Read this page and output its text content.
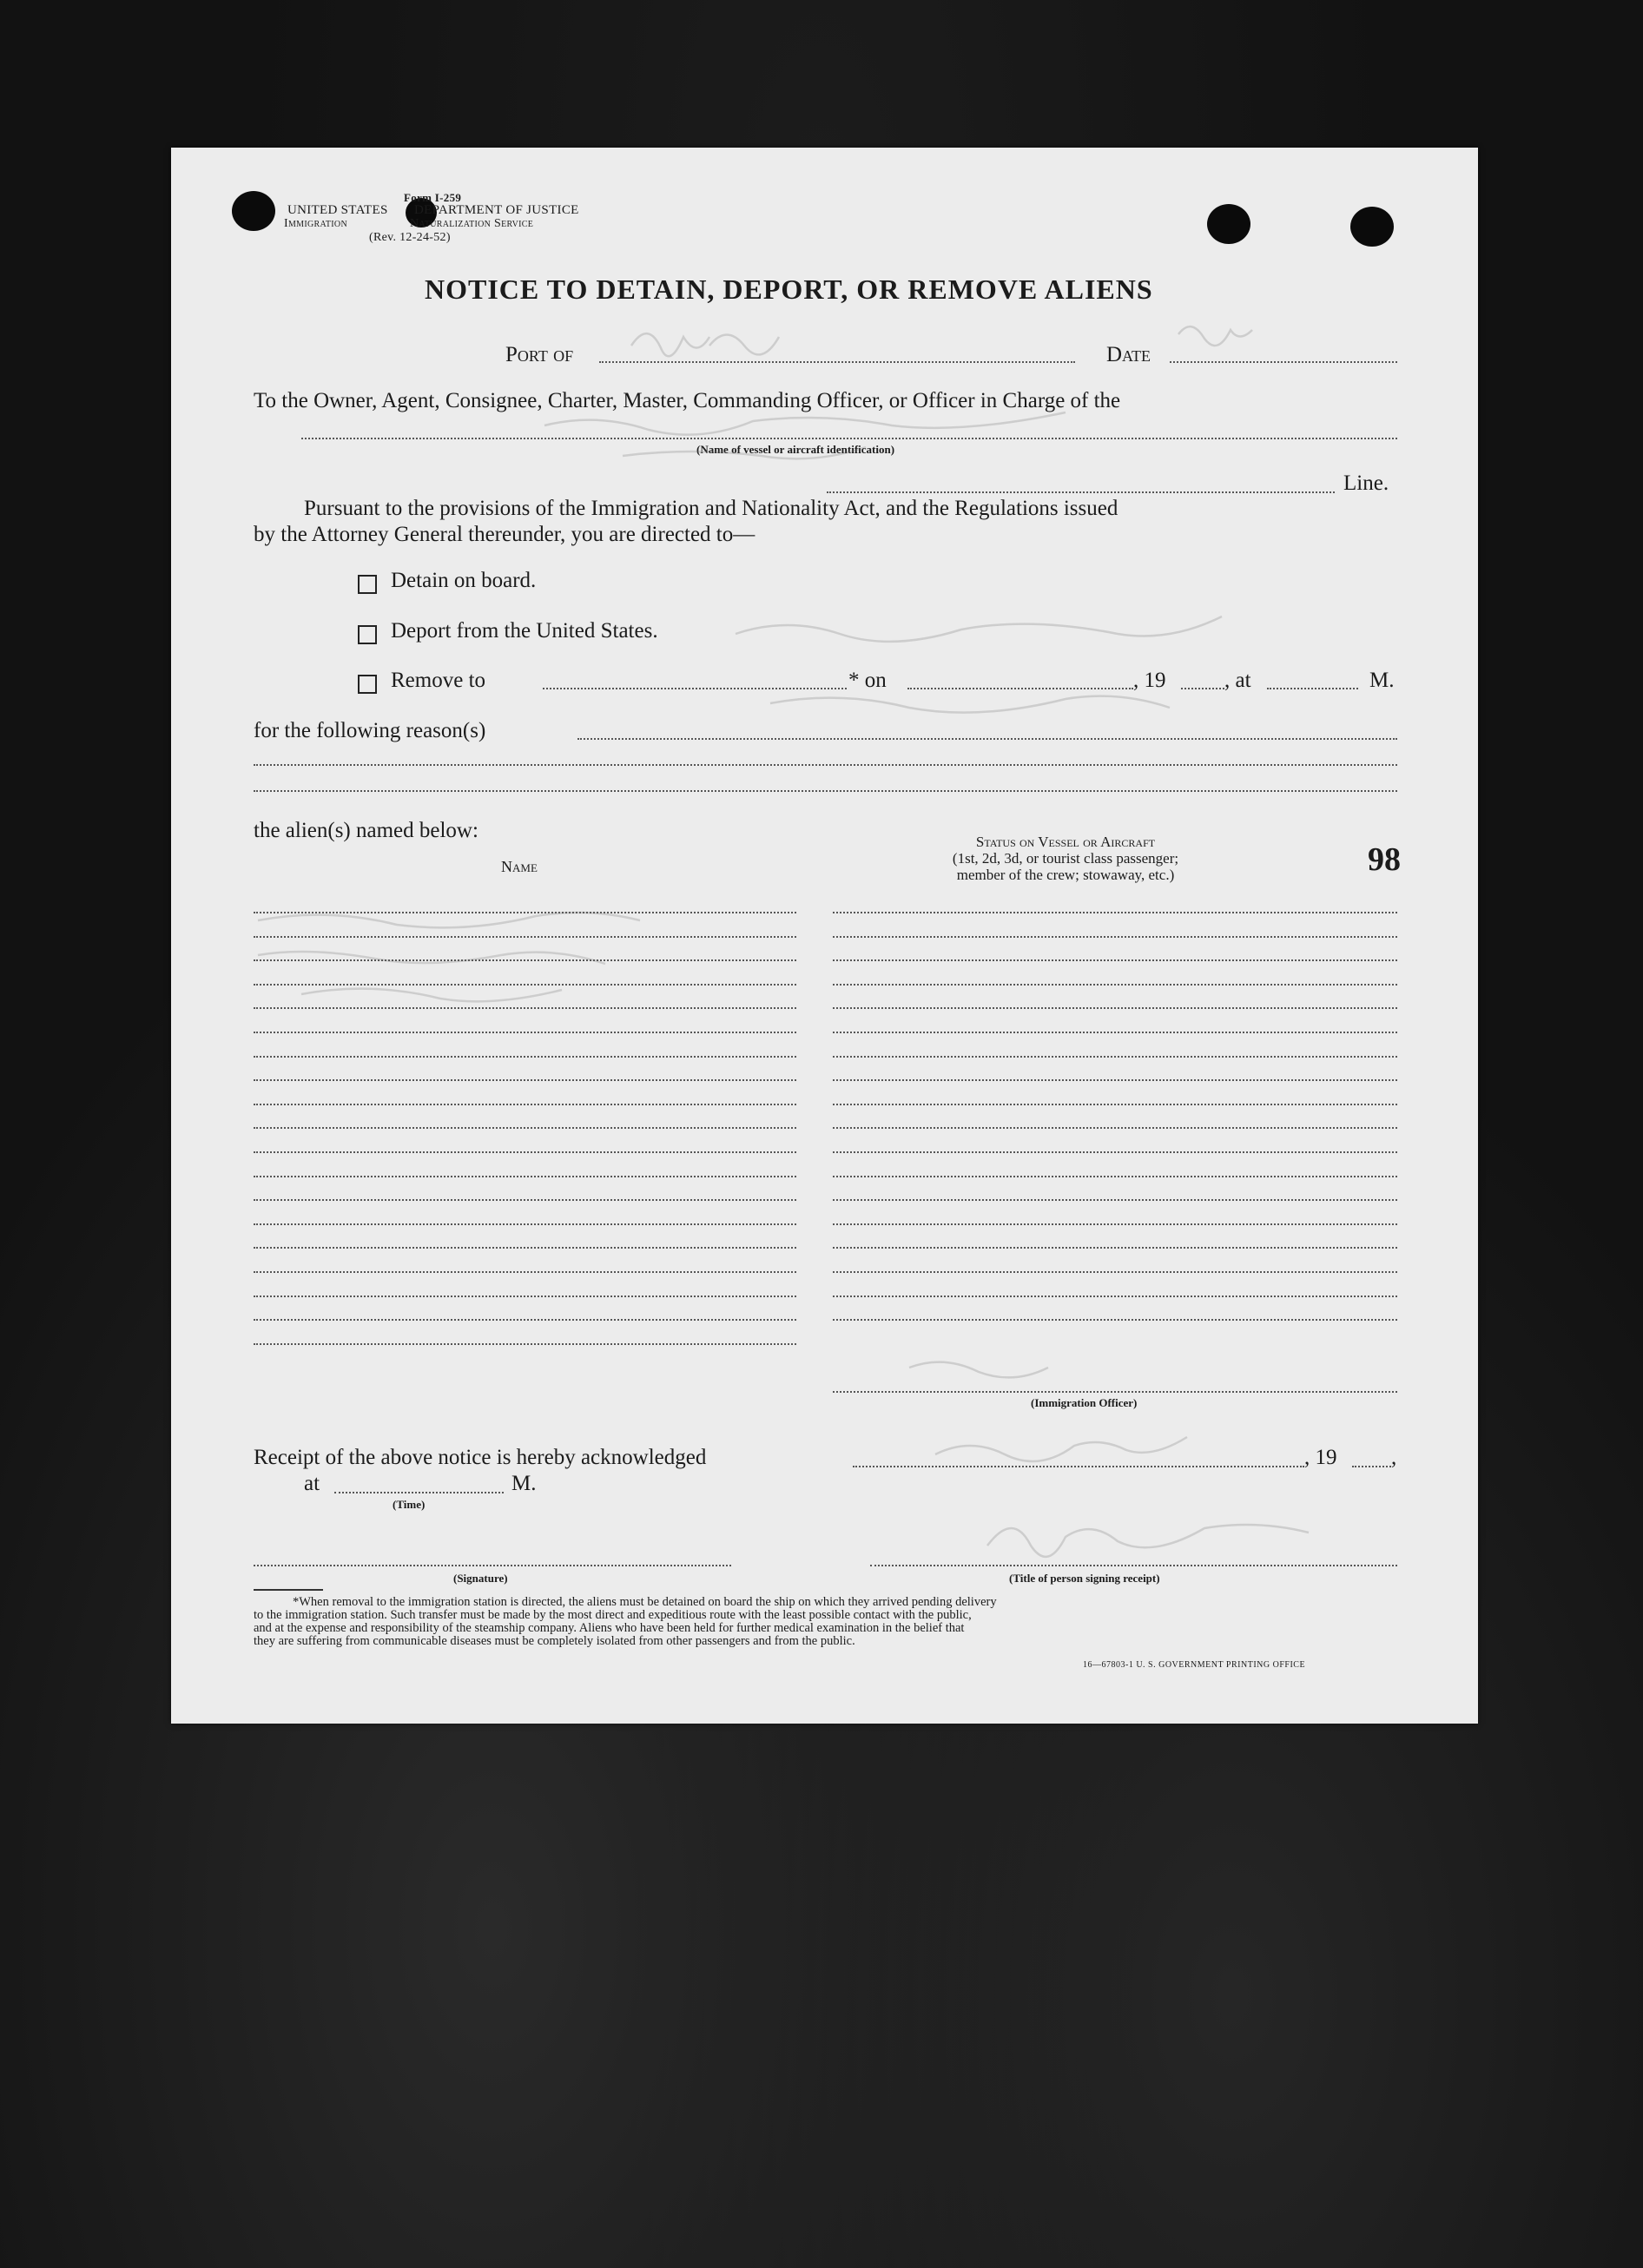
UNITED STATES
Form I-259
DEPARTMENT OF JUSTICE
Immigration	Naturalization Service
(Rev. 12-24-52)
NOTICE TO DETAIN, DEPORT, OR REMOVE ALIENS
Port of	Date
To the Owner, Agent, Consignee, Charter, Master, Commanding Officer, or Officer in Charge of the
(Name of vessel or aircraft identification)
Line.
Pursuant to the provisions of the Immigration and Nationality Act, and the Regulations issued
by the Attorney General thereunder, you are directed to—
Detain on board.
Deport from the United States.
Remove to	* on	, 19	, at	M.
for the following reason(s)
the alien(s) named below:
Name
Status on Vessel or Aircraft
(1st, 2d, 3d, or tourist class passenger;
member of the crew; stowaway, etc.)	98
(Immigration Officer)
Receipt of the above notice is hereby acknowledged	, 19	,
at	M.
(Time)
(Signature)	(Title of person signing receipt)
*When removal to the immigration station is directed, the aliens must be detained on board the ship on which they arrived pending delivery
to the immigration station. Such transfer must be made by the most direct and expeditious route with the least possible contact with the public,
and at the expense and responsibility of the steamship company. Aliens who have been held for further medical examination in the belief that
they are suffering from communicable diseases must be completely isolated from other passengers and from the public.
16—67803-1 U. S. GOVERNMENT PRINTING OFFICE
